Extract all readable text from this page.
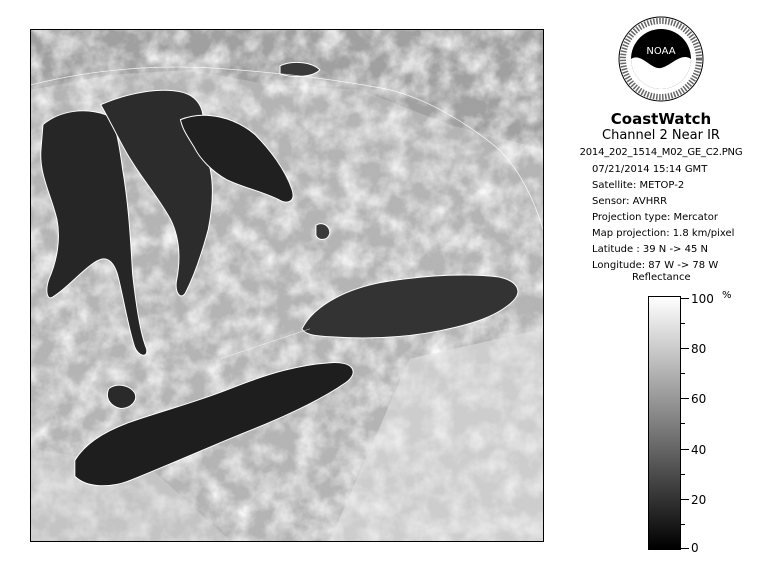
NOAA
CoastWatch
Channel 2 Near IR
2014_202_1514_M02_GE_C2.PNG
07/21/2014 15:14 GMT
Satellite: METOP-2
Sensor: AVHRR
Projection type: Mercator
Map projection: 1.8 km/pixel
Latitude : 39 N -> 45 N
Longitude: 87 W -> 78 W
Reflectance
%
100
80
60
40
20
0
